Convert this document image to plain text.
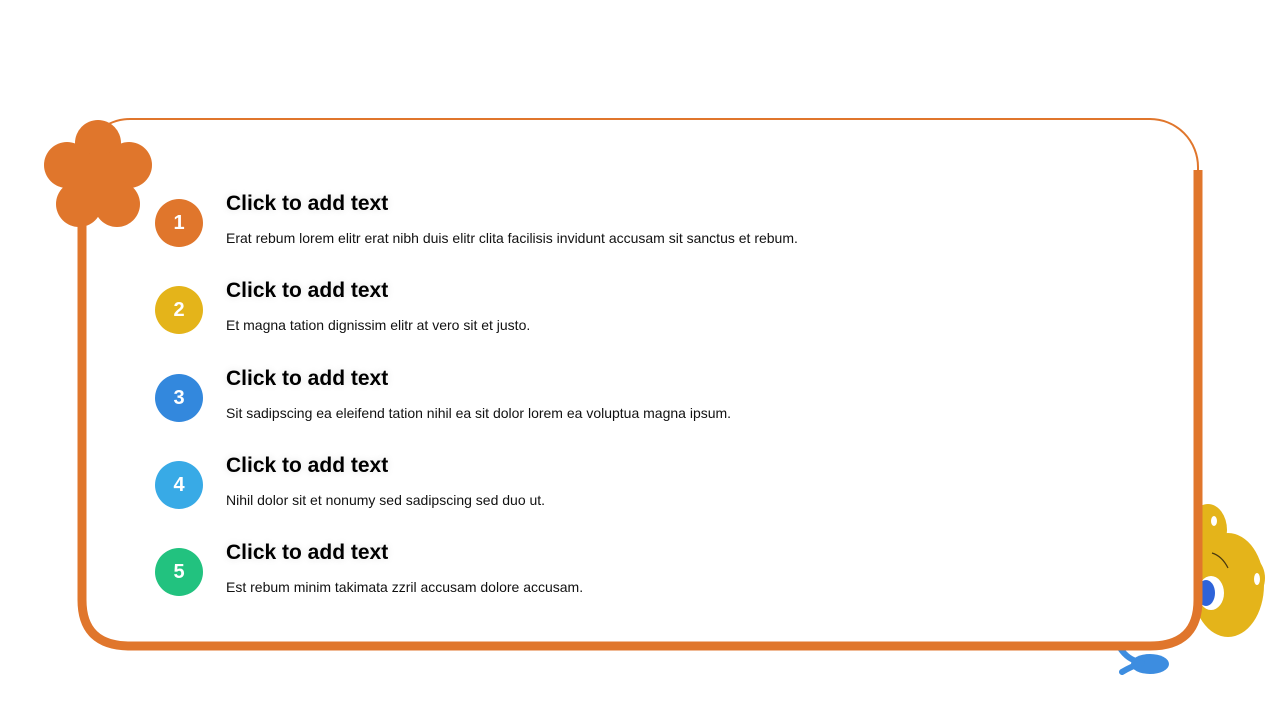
1
Click to add text
Erat rebum lorem elitr erat nibh duis elitr clita facilisis invidunt accusam sit sanctus et rebum.
2
Click to add text
Et magna tation dignissim elitr at vero sit et justo.
3
Click to add text
Sit sadipscing ea eleifend tation nihil ea sit dolor lorem ea voluptua magna ipsum.
4
Click to add text
Nihil dolor sit et nonumy sed sadipscing sed duo ut.
5
Click to add text
Est rebum minim takimata zzril accusam dolore accusam.
